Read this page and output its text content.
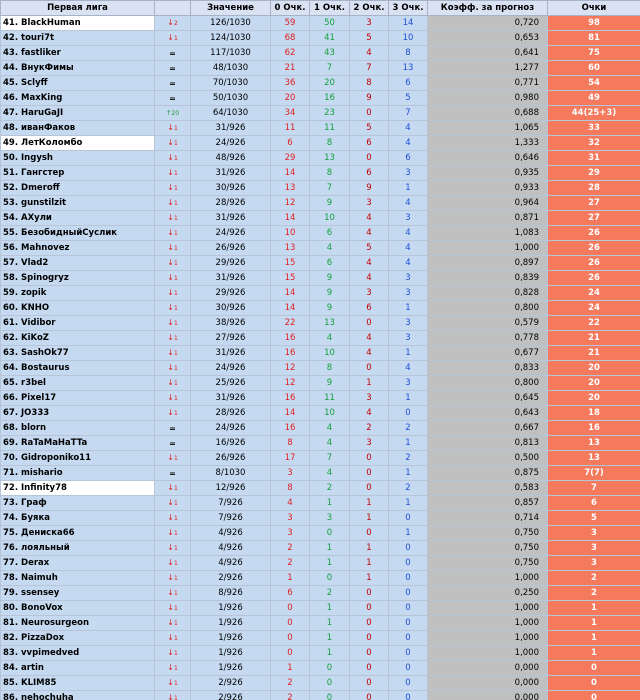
Первая лига		Значение	0 Очк.	1 Очк.	2 Очк.	3 Очк.	Коэфф. за прогноз	Очки
41. BlackHuman	↓2	126/1030	59	50	3	14	0,720	98
42. touri7t	↓1	124/1030	68	41	5	10	0,653	81
43. fastliker	=	117/1030	62	43	4	8	0,641	75
44. ВнукФимы	=	48/1030	21	7	7	13	1,277	60
45. Sclyff	=	70/1030	36	20	8	6	0,771	54
46. MaxKing	=	50/1030	20	16	9	5	0,980	49
47. HaruGaJI	↑20	64/1030	34	23	0	7	0,688	44(25+3)
48. иванФаков	↓1	31/926	11	11	5	4	1,065	33
49. ЛетКоломбо	↓1	24/926	6	8	6	4	1,333	32
50. Ingysh	↓1	48/926	29	13	0	6	0,646	31
51. Гангстер	↓1	31/926	14	8	6	3	0,935	29
52. Dmeroff	↓1	30/926	13	7	9	1	0,933	28
53. gunstilzit	↓1	28/926	12	9	3	4	0,964	27
54. АХули	↓1	31/926	14	10	4	3	0,871	27
55. БезобидныйСуслик	↓1	24/926	10	6	4	4	1,083	26
56. Mahnovez	↓1	26/926	13	4	5	4	1,000	26
57. Vlad2	↓1	29/926	15	6	4	4	0,897	26
58. Spinogryz	↓1	31/926	15	9	4	3	0,839	26
59. zopik	↓1	29/926	14	9	3	3	0,828	24
60. KNHO	↓1	30/926	14	9	6	1	0,800	24
61. Vidibor	↓1	38/926	22	13	0	3	0,579	22
62. KiKoZ	↓1	27/926	16	4	4	3	0,778	21
63. SashOk77	↓1	31/926	16	10	4	1	0,677	21
64. Bostaurus	↓1	24/926	12	8	0	4	0,833	20
65. r3bel	↓1	25/926	12	9	1	3	0,800	20
66. Pixel17	↓1	31/926	16	11	3	1	0,645	20
67. JO333	↓1	28/926	14	10	4	0	0,643	18
68. blorn	=	24/926	16	4	2	2	0,667	16
69. RaTaMaHaTTa	=	16/926	8	4	3	1	0,813	13
70. Gidroponiko11	↓1	26/926	17	7	0	2	0,500	13
71. mishario	=	8/1030	3	4	0	1	0,875	7(7)
72. Infinity78	↓1	12/926	8	2	0	2	0,583	7
73. Граф	↓1	7/926	4	1	1	1	0,857	6
74. Буяка	↓1	7/926	3	3	1	0	0,714	5
75. Дениска66	↓1	4/926	3	0	0	1	0,750	3
76. лояльный	↓1	4/926	2	1	1	0	0,750	3
77. Derax	↓1	4/926	2	1	1	0	0,750	3
78. Naimuh	↓1	2/926	1	0	1	0	1,000	2
79. ssensey	↓1	8/926	6	2	0	0	0,250	2
80. BonoVox	↓1	1/926	0	1	0	0	1,000	1
81. Neurosurgeon	↓1	1/926	0	1	0	0	1,000	1
82. PizzaDox	↓1	1/926	0	1	0	0	1,000	1
83. vvpimedved	↓1	1/926	0	1	0	0	1,000	1
84. artin	↓1	1/926	1	0	0	0	0,000	0
85. KLIM85	↓1	2/926	2	0	0	0	0,000	0
86. nehochuha	↓1	2/926	2	0	0	0	0,000	0
